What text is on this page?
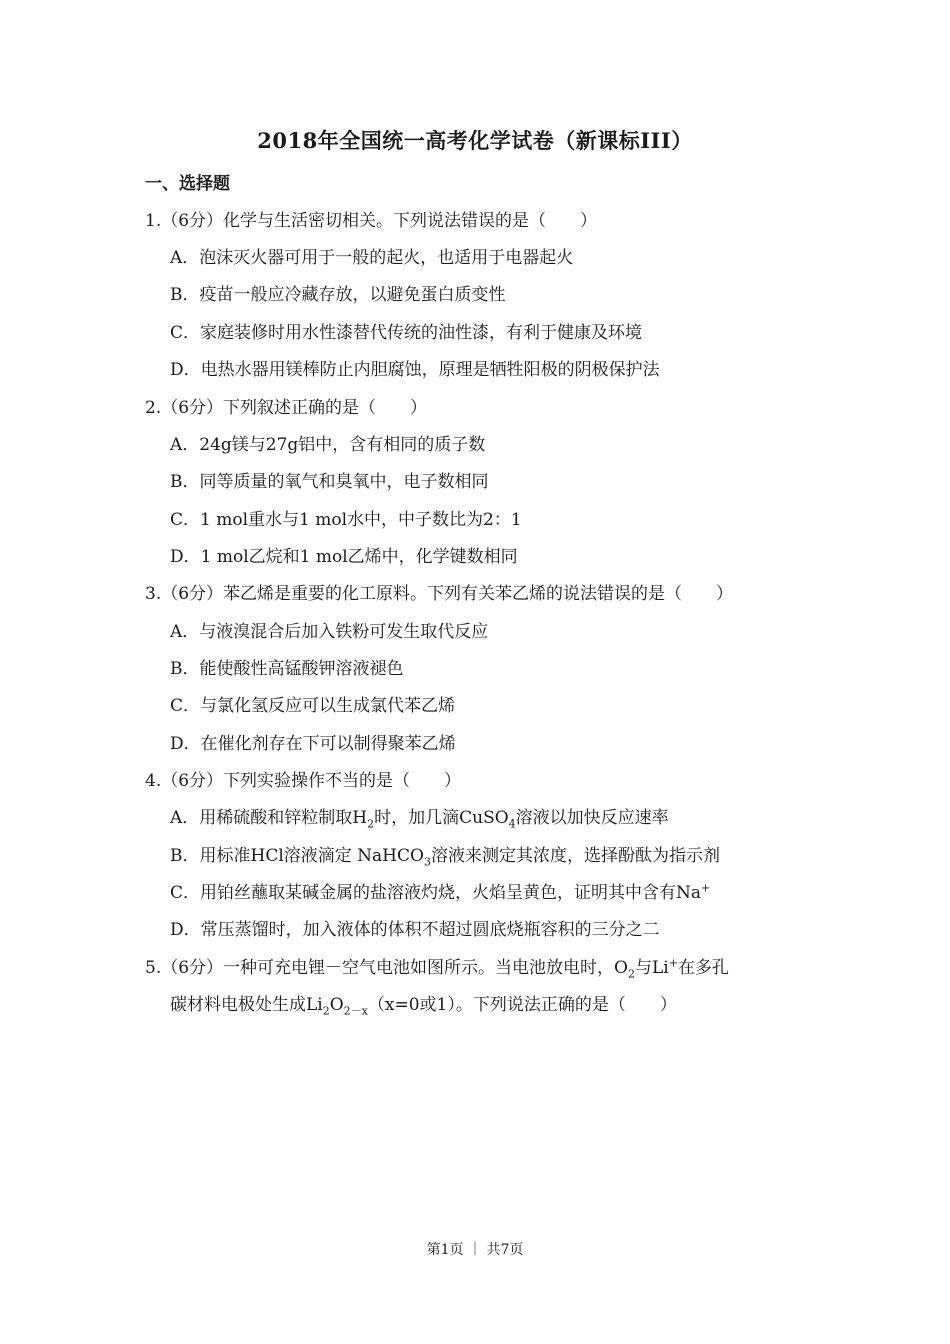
2018年全国统一高考化学试卷（新课标III）
一、选择题
1.（6分）化学与生活密切相关。下列说法错误的是（　　）
A．泡沫灭火器可用于一般的起火，也适用于电器起火
B．疫苗一般应冷藏存放，以避免蛋白质变性
C．家庭装修时用水性漆替代传统的油性漆，有利于健康及环境
D．电热水器用镁棒防止内胆腐蚀，原理是牺牲阳极的阴极保护法
2.（6分）下列叙述正确的是（　　）
A．24g镁与27g铝中，含有相同的质子数
B．同等质量的氧气和臭氧中，电子数相同
C．1 mol重水与1 mol水中，中子数比为2：1
D．1 mol乙烷和1 mol乙烯中，化学键数相同
3.（6分）苯乙烯是重要的化工原料。下列有关苯乙烯的说法错误的是（　　）
A．与液溴混合后加入铁粉可发生取代反应
B．能使酸性高锰酸钾溶液褪色
C．与氯化氢反应可以生成氯代苯乙烯
D．在催化剂存在下可以制得聚苯乙烯
4.（6分）下列实验操作不当的是（　　）
A．用稀硫酸和锌粒制取$H_2$时，加几滴CuSO$_4$溶液以加快反应速率
B．用标准HCl溶液滴定 NaHCO$_3$溶液来测定其浓度，选择酚酞为指示剂
C．用铂丝蘸取某碱金属的盐溶液灼烧，火焰呈黄色，证明其中含有Na+
D．常压蒸馏时，加入液体的体积不超过圆底烧瓶容积的三分之二
5.（6分）一种可充电锂－空气电池如图所示。当电池放电时，$O_2$与Li+在多孔
碳材料电极处生成$Li_2O_{2-x}(x=0$或1）。下列说法正确的是（　　）
第1页 ｜ 共7页
